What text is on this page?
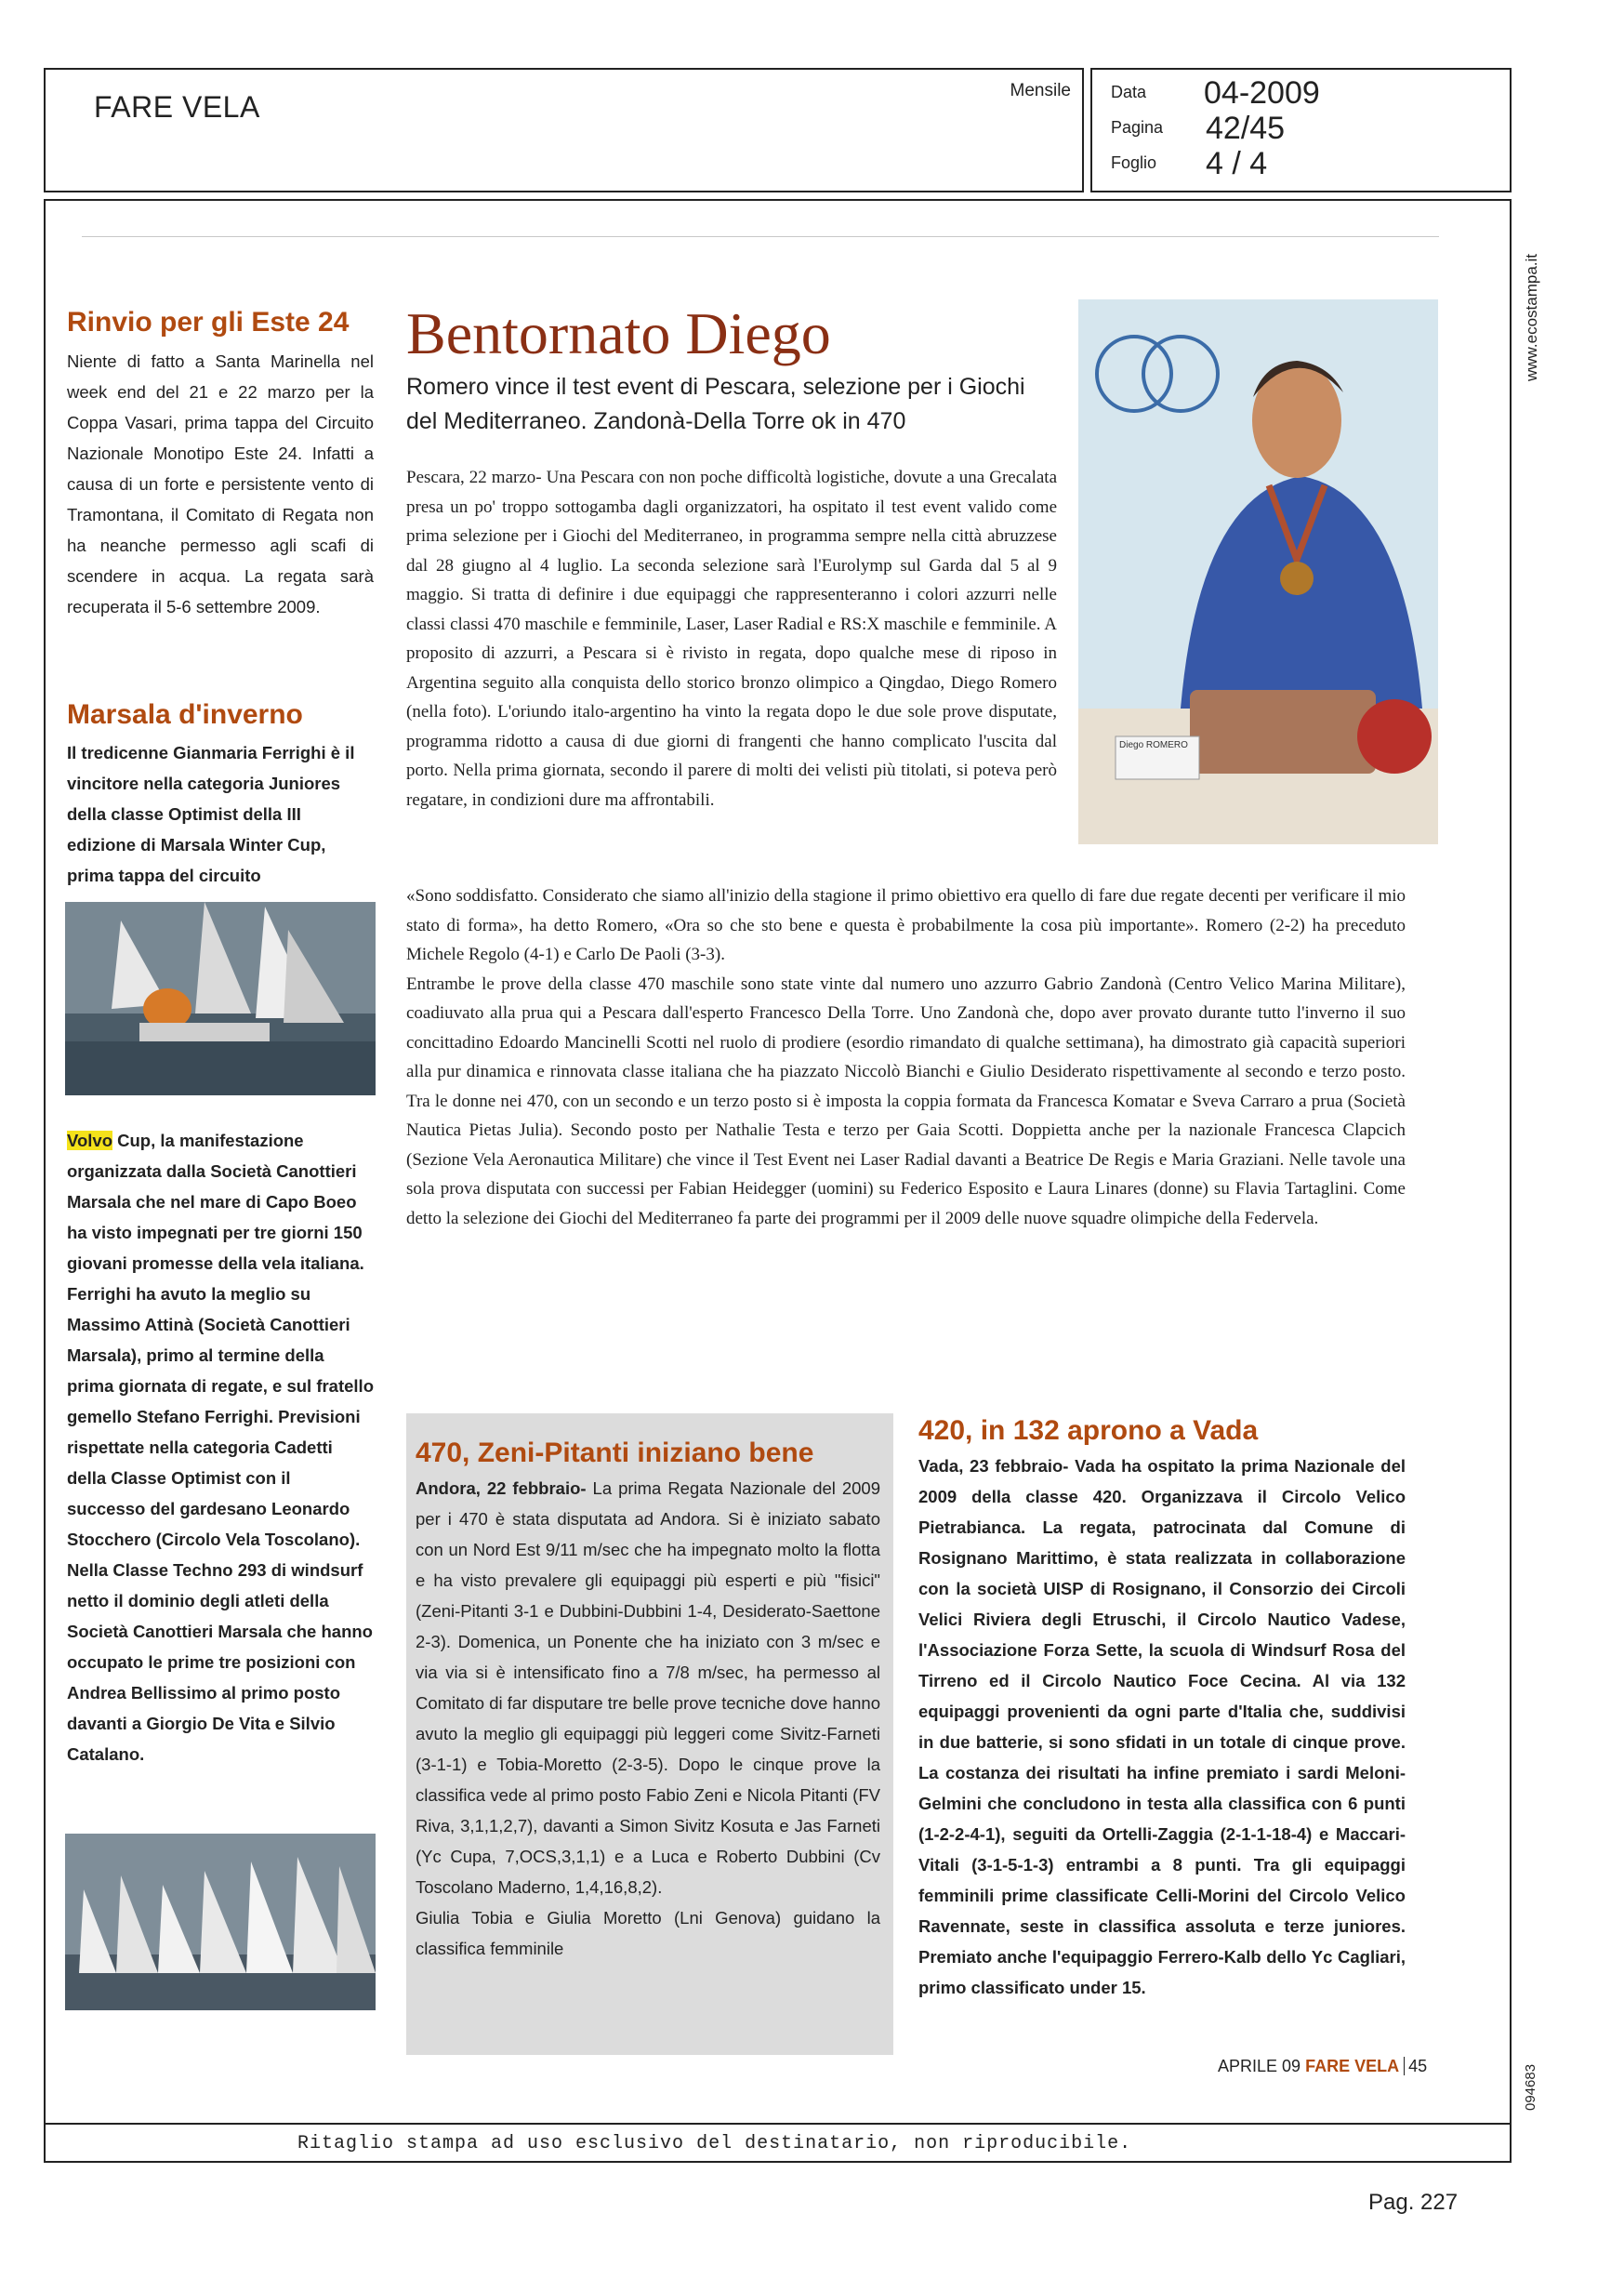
FARE VELA	Mensile Data 04-2009
Pagina 42/45
Foglio 4 / 4
www.ecostampa.it
094683
Rinvio per gli Este 24
Niente di fatto a Santa Marinella nel week end del 21 e 22 marzo per la Coppa Vasari, prima tappa del Circuito Nazionale Monotipo Este 24. Infatti a causa di un forte e persistente vento di Tramontana, il Comitato di Regata non ha neanche permesso agli scafi di scendere in acqua. La regata sarà recuperata il 5-6 settembre 2009.
Marsala d'inverno
Il tredicenne Gianmaria Ferrighi è il vincitore nella categoria Juniores della classe Optimist della III edizione di Marsala Winter Cup, prima tappa del circuito
Volvo Cup, la manifestazione organizzata dalla Società Canottieri Marsala che nel mare di Capo Boeo ha visto impegnati per tre giorni 150 giovani promesse della vela italiana. Ferrighi ha avuto la meglio su Massimo Attinà (Società Canottieri Marsala), primo al termine della prima giornata di regate, e sul fratello gemello Stefano Ferrighi. Previsioni rispettate nella categoria Cadetti della Classe Optimist con il successo del gardesano Leonardo Stocchero (Circolo Vela Toscolano). Nella Classe Techno 293 di windsurf netto il dominio degli atleti della Società Canottieri Marsala che hanno occupato le prime tre posizioni con Andrea Bellissimo al primo posto davanti a Giorgio De Vita e Silvio Catalano.
Bentornato Diego
Romero vince il test event di Pescara, selezione per i Giochi del Mediterraneo. Zandonà-Della Torre ok in 470
Pescara, 22 marzo- Una Pescara con non poche difficoltà logistiche, dovute a una Grecalata presa un po' troppo sottogamba dagli organizzatori, ha ospitato il test event valido come prima selezione per i Giochi del Mediterraneo, in programma sempre nella città abruzzese dal 28 giugno al 4 luglio. La seconda selezione sarà l'Eurolymp sul Garda dal 5 al 9 maggio. Si tratta di definire i due equipaggi che rappresenteranno i colori azzurri nelle classi classi 470 maschile e femminile, Laser, Laser Radial e RS:X maschile e femminile. A proposito di azzurri, a Pescara si è rivisto in regata, dopo qualche mese di riposo in Argentina seguito alla conquista dello storico bronzo olimpico a Qingdao, Diego Romero (nella foto). L'oriundo italo-argentino ha vinto la regata dopo le due sole prove disputate, programma ridotto a causa di due giorni di frangenti che hanno complicato l'uscita dal porto. Nella prima giornata, secondo il parere di molti dei velisti più titolati, si poteva però regatare, in condizioni dure ma affrontabili.
«Sono soddisfatto. Considerato che siamo all'inizio della stagione il primo obiettivo era quello di fare due regate decenti per verificare il mio stato di forma», ha detto Romero, «Ora so che sto bene e questa è probabilmente la cosa più importante». Romero (2-2) ha preceduto Michele Regolo (4-1) e Carlo De Paoli (3-3).
Entrambe le prove della classe 470 maschile sono state vinte dal numero uno azzurro Gabrio Zandonà (Centro Velico Marina Militare), coadiuvato alla prua qui a Pescara dall'esperto Francesco Della Torre. Uno Zandonà che, dopo aver provato durante tutto l'inverno il suo concittadino Edoardo Mancinelli Scotti nel ruolo di prodiere (esordio rimandato di qualche settimana), ha dimostrato già capacità superiori alla pur dinamica e rinnovata classe italiana che ha piazzato Niccolò Bianchi e Giulio Desiderato rispettivamente al secondo e terzo posto. Tra le donne nei 470, con un secondo e un terzo posto si è imposta la coppia formata da Francesca Komatar e Sveva Carraro a prua (Società Nautica Pietas Julia). Secondo posto per Nathalie Testa e terzo per Gaia Scotti. Doppietta anche per la nazionale Francesca Clapcich (Sezione Vela Aeronautica Militare) che vince il Test Event nei Laser Radial davanti a Beatrice De Regis e Maria Graziani. Nelle tavole una sola prova disputata con successi per Fabian Heidegger (uomini) su Federico Esposito e Laura Linares (donne) su Flavia Tartaglini. Come detto la selezione dei Giochi del Mediterraneo fa parte dei programmi per il 2009 delle nuove squadre olimpiche della Federvela.
Diego ROMERO
470, Zeni-Pitanti iniziano bene
Andora, 22 febbraio- La prima Regata Nazionale del 2009 per i 470 è stata disputata ad Andora. Si è iniziato sabato con un Nord Est 9/11 m/sec che ha impegnato molto la flotta e ha visto prevalere gli equipaggi più esperti e più "fisici" (Zeni-Pitanti 3-1 e Dubbini-Dubbini 1-4, Desiderato-Saettone 2-3). Domenica, un Ponente che ha iniziato con 3 m/sec e via via si è intensificato fino a 7/8 m/sec, ha permesso al Comitato di far disputare tre belle prove tecniche dove hanno avuto la meglio gli equipaggi più leggeri come Sivitz-Farneti (3-1-1) e Tobia-Moretto (2-3-5). Dopo le cinque prove la classifica vede al primo posto Fabio Zeni e Nicola Pitanti (FV Riva, 3,1,1,2,7), davanti a Simon Sivitz Kosuta e Jas Farneti (Yc Cupa, 7,OCS,3,1,1) e a Luca e Roberto Dubbini (Cv Toscolano Maderno, 1,4,16,8,2).
Giulia Tobia e Giulia Moretto (Lni Genova) guidano la classifica femminile
420, in 132 aprono a Vada
Vada, 23 febbraio- Vada ha ospitato la prima Nazionale del 2009 della classe 420. Organizzava il Circolo Velico Pietrabianca. La regata, patrocinata dal Comune di Rosignano Marittimo, è stata realizzata in collaborazione con la società UISP di Rosignano, il Consorzio dei Circoli Velici Riviera degli Etruschi, il Circolo Nautico Vadese, l'Associazione Forza Sette, la scuola di Windsurf Rosa del Tirreno ed il Circolo Nautico Foce Cecina. Al via 132 equipaggi provenienti da ogni parte d'Italia che, suddivisi in due batterie, si sono sfidati in un totale di cinque prove. La costanza dei risultati ha infine premiato i sardi Meloni-Gelmini che concludono in testa alla classifica con 6 punti (1-2-2-4-1), seguiti da Ortelli-Zaggia (2-1-1-18-4) e Maccari-Vitali (3-1-5-1-3) entrambi a 8 punti. Tra gli equipaggi femminili prime classificate Celli-Morini del Circolo Velico Ravennate, seste in classifica assoluta e terze juniores. Premiato anche l'equipaggio Ferrero-Kalb dello Yc Cagliari, primo classificato under 15.
APRILE 09 FARE VELA 45
Ritaglio stampa ad uso esclusivo del destinatario, non riproducibile.
Pag. 227
